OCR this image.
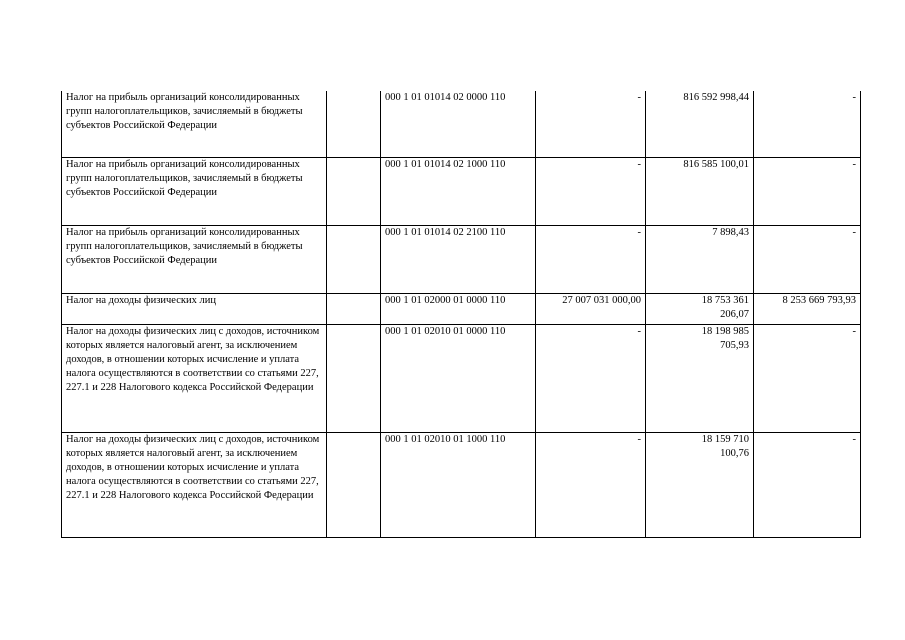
Налог на прибыль организаций консолидированных групп налогоплательщиков, зачисляемый в бюджеты субъектов Российской Федерации		000 1 01 01014 02 0000 110	-	816 592 998,44	-
Налог на прибыль организаций консолидированных групп налогоплательщиков, зачисляемый в бюджеты субъектов Российской Федерации		000 1 01 01014 02 1000 110	-	816 585 100,01	-
Налог на прибыль организаций консолидированных групп налогоплательщиков, зачисляемый в бюджеты субъектов Российской Федерации		000 1 01 01014 02 2100 110	-	7 898,43	-
Налог на доходы физических лиц		000 1 01 02000 01 0000 110	27 007 031 000,00	18 753 361 206,07	8 253 669 793,93
Налог на доходы физических лиц с доходов, источником которых является налоговый агент, за исключением доходов, в отношении которых исчисление и уплата налога осуществляются в соответствии со статьями 227, 227.1 и 228 Налогового кодекса Российской Федерации		000 1 01 02010 01 0000 110	-	18 198 985 705,93	-
Налог на доходы физических лиц с доходов, источником которых является налоговый агент, за исключением доходов, в отношении которых исчисление и уплата налога осуществляются в соответствии со статьями 227, 227.1 и 228 Налогового кодекса Российской Федерации		000 1 01 02010 01 1000 110	-	18 159 710 100,76	-
